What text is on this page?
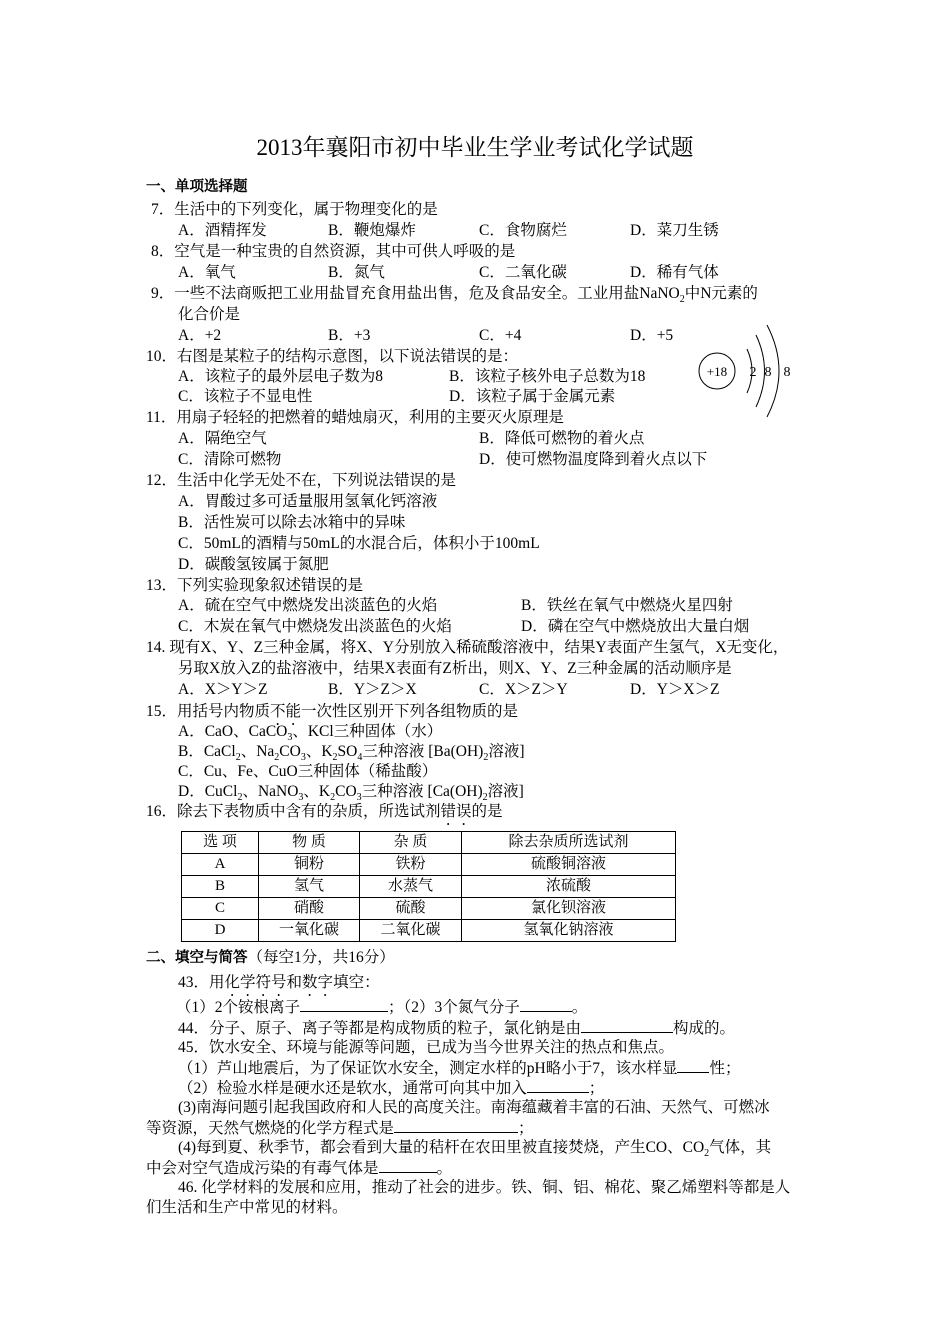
2013年襄阳市初中毕业生学业考试化学试题
一、单项选择题
7．生活中的下列变化，属于物理变化的是
A．酒精挥发	B．鞭炮爆炸	C．食物腐烂	D．菜刀生锈
8．空气是一种宝贵的自然资源，其中可供人呼吸的是
A．氧气	B．氮气	C．二氧化碳	D．稀有气体
9．一些不法商贩把工业用盐冒充食用盐出售，危及食品安全。工业用盐NaNO$_2$中N元素的
化合价是
A．+2	B．+3	C．+4	D．+5
10．右图是某粒子的结构示意图，以下说法错误的是：
A．该粒子的最外层电子数为8	B．该粒子核外电子总数为18
C．该粒子不显电性	D．该粒子属于金属元素
+18 2 8 8
11．用扇子轻轻的把燃着的蜡烛扇灭，利用的主要灭火原理是
A．隔绝空气	B．降低可燃物的着火点
C．清除可燃物	D．使可燃物温度降到着火点以下
12．生活中化学无处不在，下列说法错误的是
A．胃酸过多可适量服用氢氧化钙溶液
B．活性炭可以除去冰箱中的异味
C．50mL的酒精与50mL的水混合后，体积小于100mL
D．碳酸氢铵属于氮肥
13．下列实验现象叙述错误的是
A．硫在空气中燃烧发出淡蓝色的火焰	B．铁丝在氧气中燃烧火星四射
C．木炭在氧气中燃烧发出淡蓝色的火焰	D．磷在空气中燃烧放出大量白烟
14. 现有X、Y、Z三种金属，将X、Y分别放入稀硫酸溶液中，结果Y表面产生氢气，X无变化，
另取X放入Z的盐溶液中，结果X表面有Z析出，则X、Y、Z三种金属的活动顺序是
A．X＞Y＞Z	B．Y＞Z＞X	C．X＞Z＞Y	D．Y＞X＞Z
15．用括号内物质不能一次性区别开下列各组物质的是
A．CaO、CaCO$_3$、KCl三种固体（水）
B．CaCl$_2$、$Na_2CO_3$、$K_2SO_4$三种溶液 [$Ba(OH)_2$溶液]
C．Cu、Fe、CuO三种固体（稀盐酸）
D．CuCl$_2$、NaNO$_3$、$K_2CO_3$三种溶液 [$Ca(OH)_2$溶液]
16．除去下表物质中含有的杂质，所选试剂错误的是
选 项	物 质	杂 质	除去杂质所选试剂
A	铜粉	铁粉	硫酸铜溶液
B	氢气	水蒸气	浓硫酸
C	硝酸	硫酸	氯化钡溶液
D	一氧化碳	二氧化碳	氢氧化钠溶液
二、填空与简答（每空1分，共16分）
43．用化学符号和数字填空：
（1）2个铵根离子	；（2）3个氮气分子	。
44．分子、原子、离子等都是构成物质的粒子，氯化钠是由	构成的。
45．饮水安全、环境与能源等问题，已成为当今世界关注的热点和焦点。
（1）芦山地震后，为了保证饮水安全，测定水样的pH略小于7，该水样显 性；
（2）检验水样是硬水还是软水，通常可向其中加入	；
(3)南海问题引起我国政府和人民的高度关注。南海蕴藏着丰富的石油、天然气、可燃冰
等资源，天然气燃烧的化学方程式是	；
(4)每到夏、秋季节，都会看到大量的秸杆在农田里被直接焚烧，产生CO、$CO_2$气体，其
中会对空气造成污染的有毒气体是	。
46. 化学材料的发展和应用，推动了社会的进步。铁、铜、铝、棉花、聚乙烯塑料等都是人
们生活和生产中常见的材料。
